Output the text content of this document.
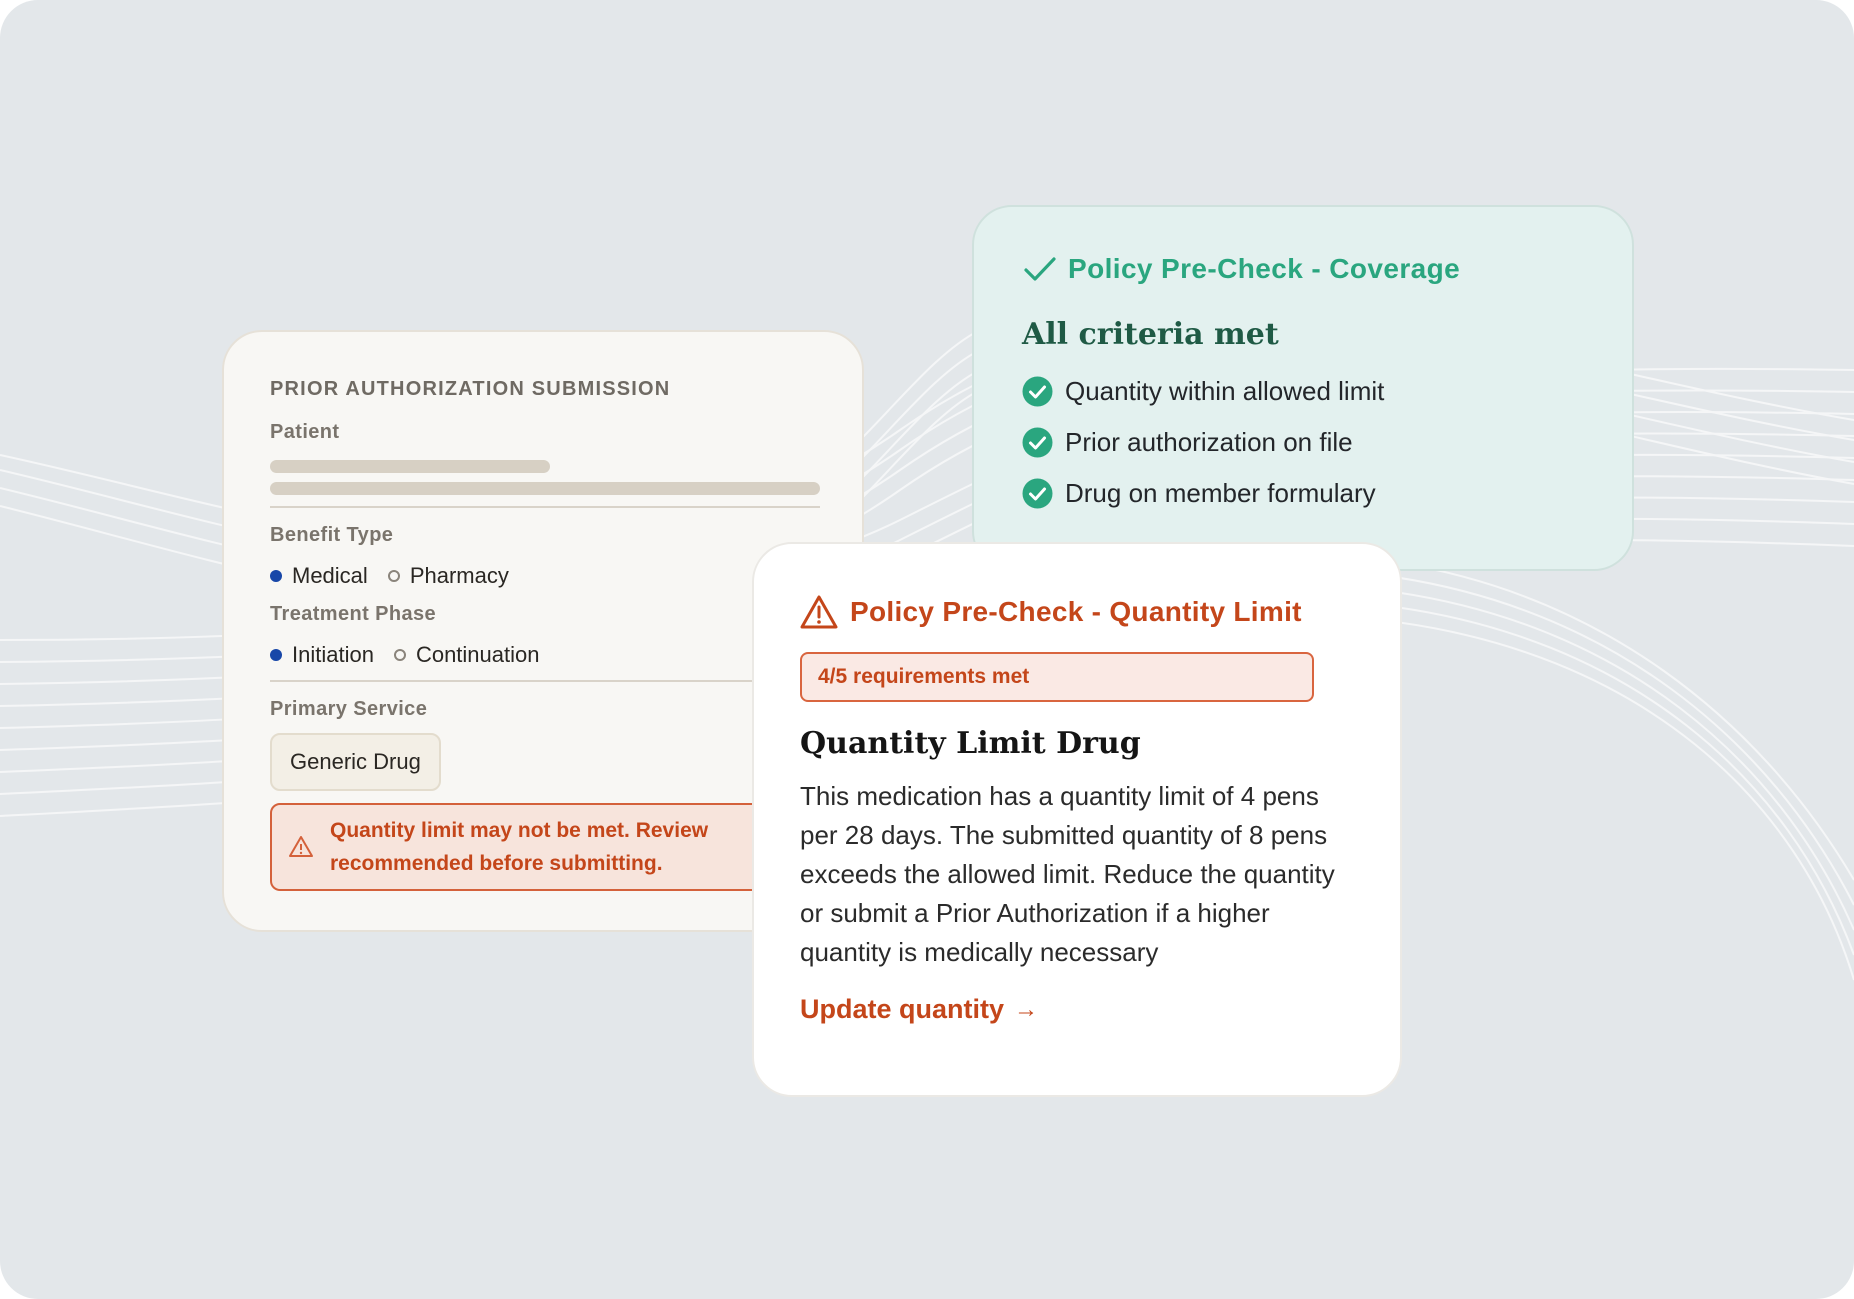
PRIOR AUTHORIZATION SUBMISSION
Patient
Benefit Type
Medical Pharmacy
Treatment Phase
Initiation Continuation
Primary Service
Generic Drug
Quantity limit may not be met. Review
recommended before submitting.
Policy Pre-Check - Coverage
All criteria met
Quantity within allowed limit
Prior authorization on file
Drug on member formulary
Policy Pre-Check - Quantity Limit
4/5 requirements met
Quantity Limit Drug
This medication has a quantity limit of 4 pens per 28 days. The submitted quantity of 8 pens exceeds the allowed limit. Reduce the quantity or submit a Prior Authorization if a higher quantity is medically necessary
Update quantity →
